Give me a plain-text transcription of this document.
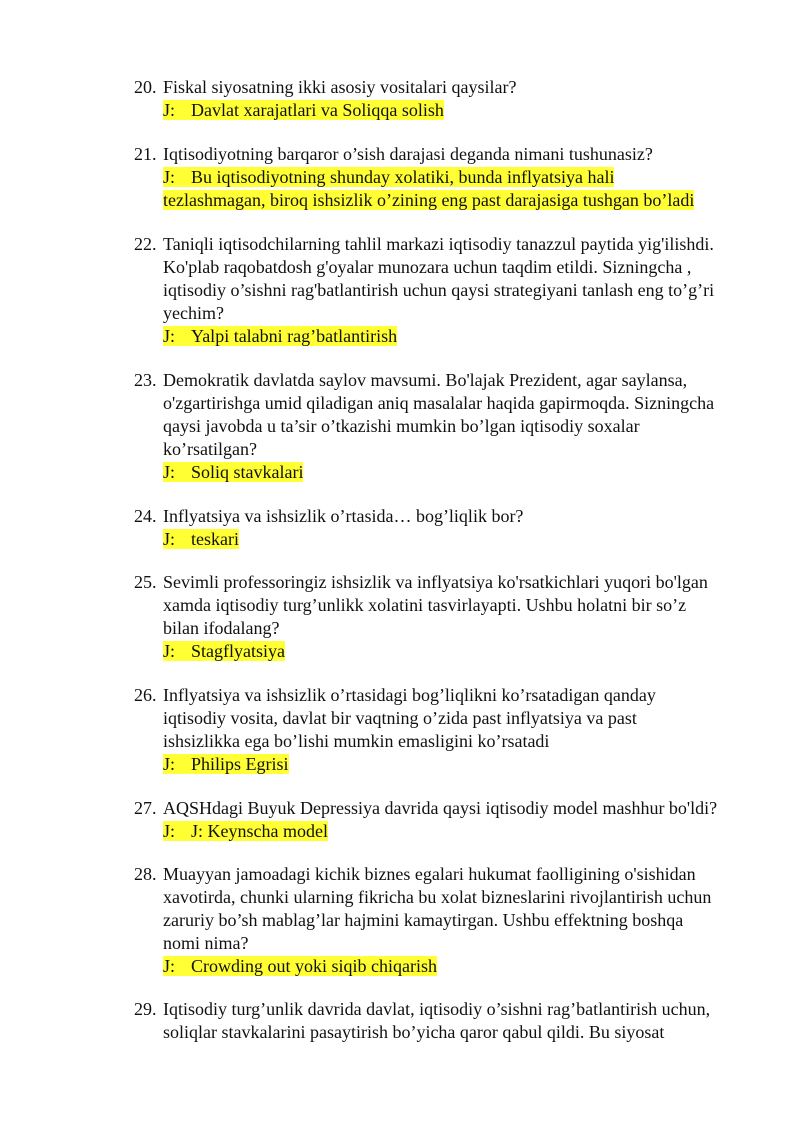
20. Fiskal siyosatning ikki asosiy vositalari qaysilar?
J: Davlat xarajatlari va Soliqqa solish
21. Iqtisodiyotning barqaror o’sish darajasi deganda nimani tushunasiz?
J: Bu iqtisodiyotning shunday xolatiki, bunda inflyatsiya hali
tezlashmagan, biroq ishsizlik o’zining eng past darajasiga tushgan bo’ladi
22. Taniqli iqtisodchilarning tahlil markazi iqtisodiy tanazzul paytida yig'ilishdi.
Ko'plab raqobatdosh g'oyalar munozara uchun taqdim etildi. Sizningcha ,
iqtisodiy o’sishni rag'batlantirish uchun qaysi strategiyani tanlash eng to’g’ri
yechim?
J: Yalpi talabni rag’batlantirish
23. Demokratik davlatda saylov mavsumi. Bo'lajak Prezident, agar saylansa,
o'zgartirishga umid qiladigan aniq masalalar haqida gapirmoqda. Sizningcha
qaysi javobda u ta’sir o’tkazishi mumkin bo’lgan iqtisodiy soxalar
ko’rsatilgan?
J: Soliq stavkalari
24. Inflyatsiya va ishsizlik o’rtasida… bog’liqlik bor?
J: teskari
25. Sevimli professoringiz ishsizlik va inflyatsiya ko'rsatkichlari yuqori bo'lgan
xamda iqtisodiy turg’unlikk xolatini tasvirlayapti. Ushbu holatni bir so’z
bilan ifodalang?
J: Stagflyatsiya
26. Inflyatsiya va ishsizlik o’rtasidagi bog’liqlikni ko’rsatadigan qanday
iqtisodiy vosita, davlat bir vaqtning o’zida past inflyatsiya va past
ishsizlikka ega bo’lishi mumkin emasligini ko’rsatadi
J: Philips Egrisi
27. AQSHdagi Buyuk Depressiya davrida qaysi iqtisodiy model mashhur bo'ldi?
J: J: Keynscha model
28. Muayyan jamoadagi kichik biznes egalari hukumat faolligining o'sishidan
xavotirda, chunki ularning fikricha bu xolat bizneslarini rivojlantirish uchun
zaruriy bo’sh mablag’lar hajmini kamaytirgan. Ushbu effektning boshqa
nomi nima?
J: Crowding out yoki siqib chiqarish
29. Iqtisodiy turg’unlik davrida davlat, iqtisodiy o’sishni rag’batlantirish uchun,
soliqlar stavkalarini pasaytirish bo’yicha qaror qabul qildi. Bu siyosat
